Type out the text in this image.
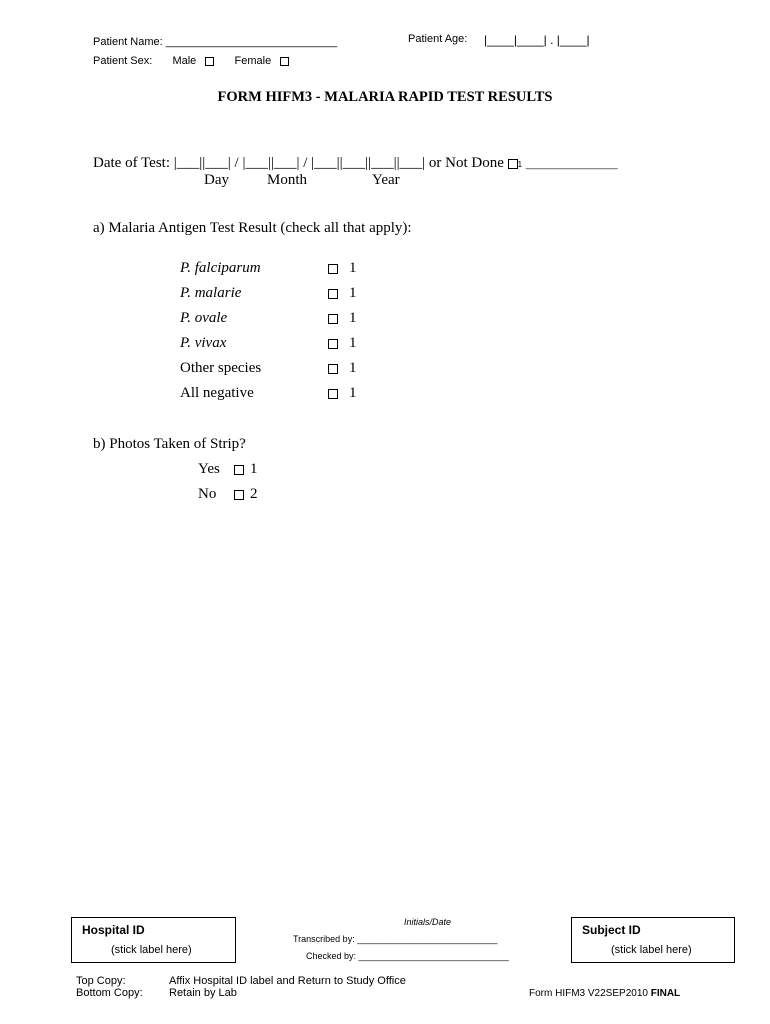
Patient Name: ____________________________	Patient Age: |____|____| . |____|
Patient Sex: Male	Female
FORM HIFM3 - MALARIA RAPID TEST RESULTS
Date of Test: |___||___| / |___||___| / |___||___||___||___| or Not Done 1 _______________
Day	Month	Year
a) Malaria Antigen Test Result (check all that apply):
P. falciparum	1
P. malarie	1
P. ovale	1
P. vivax	1
Other species	1
All negative	1
b) Photos Taken of Strip?
Yes 1
No 2
Hospital ID
(stick label here)
Initials/Date
Transcribed by: ____________________________
Checked by: ______________________________
Subject ID
(stick label here)
Top Copy:	Affix Hospital ID label and Return to Study Office
Bottom Copy: Retain by Lab	Form HIFM3 V22SEP2010 FINAL
